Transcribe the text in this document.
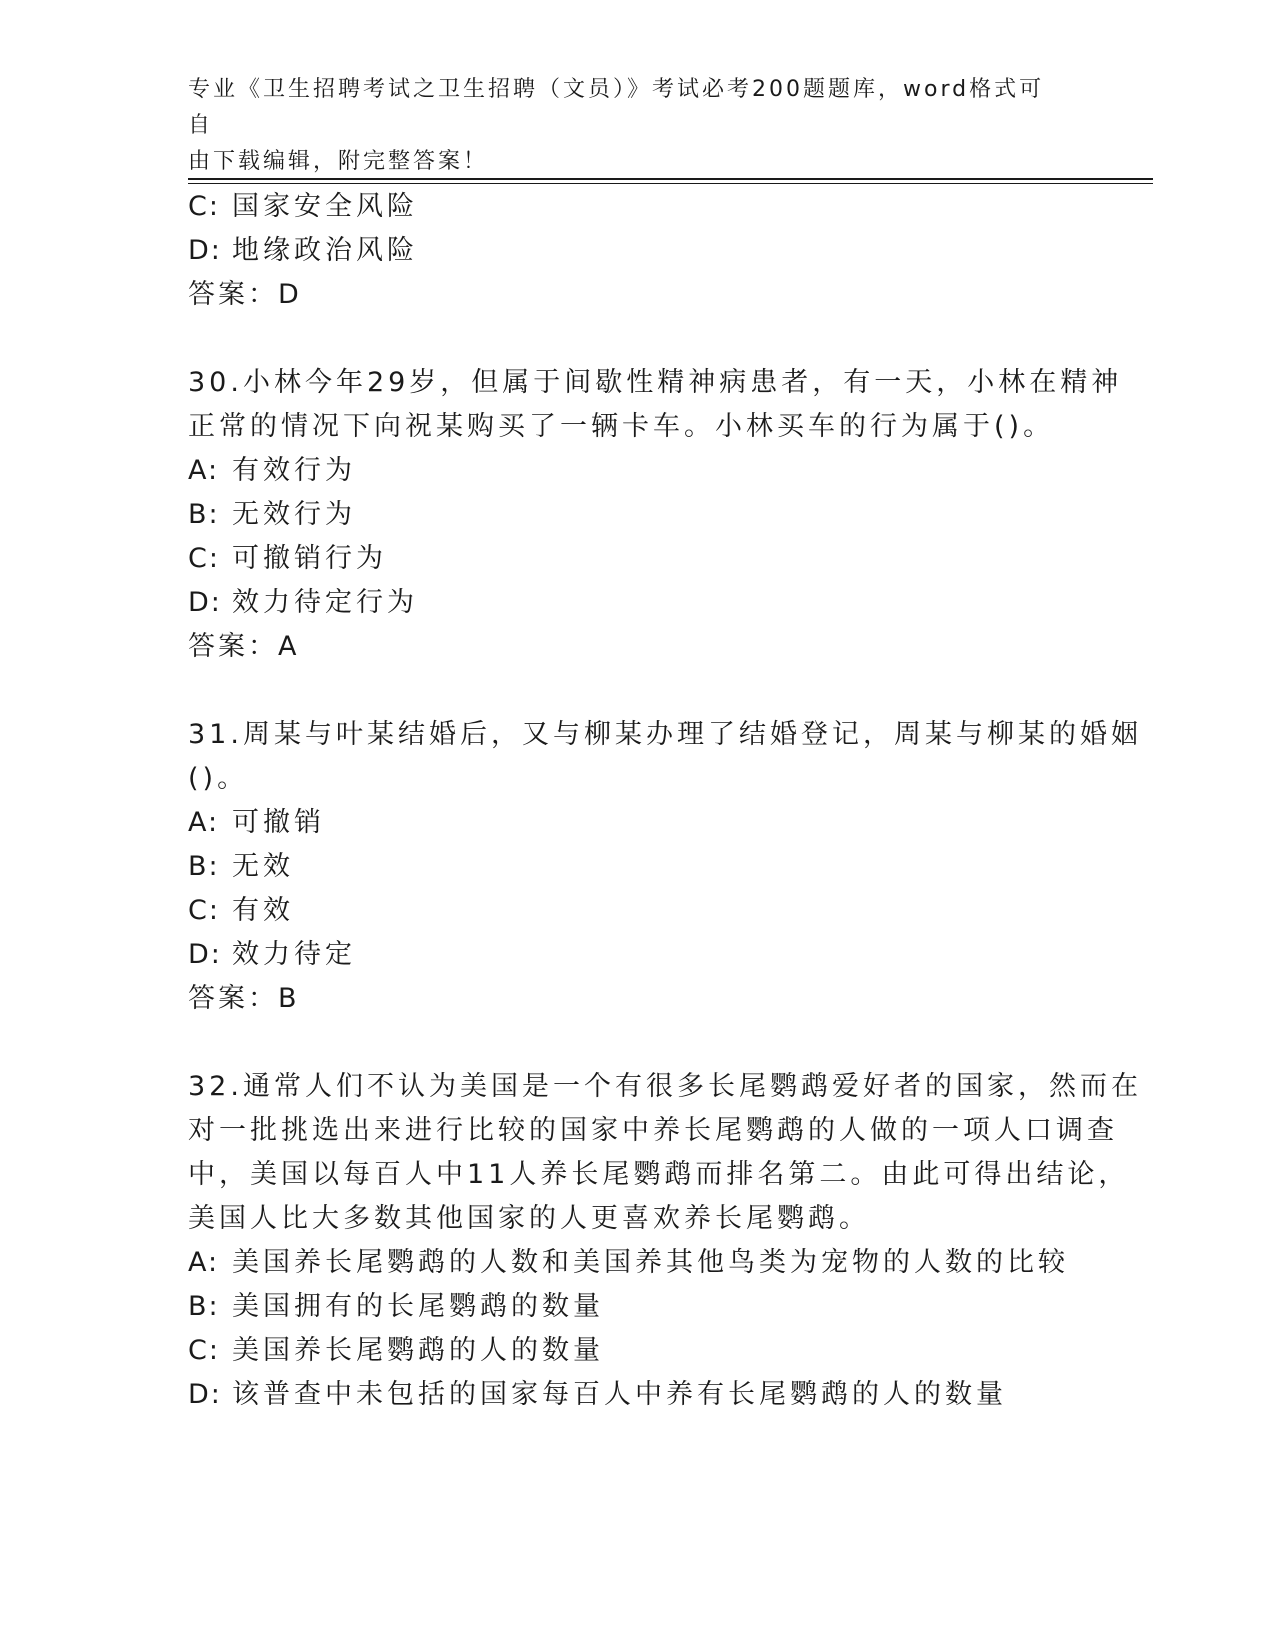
专业《卫生招聘考试之卫生招聘（文员）》考试必考200题题库，word格式可自
由下载编辑，附完整答案！
C: 国家安全风险
D: 地缘政治风险
答案：D
30.小林今年29岁，但属于间歇性精神病患者，有一天，小林在精神
正常的情况下向祝某购买了一辆卡车。小林买车的行为属于()。
A: 有效行为
B: 无效行为
C: 可撤销行为
D: 效力待定行为
答案：A
31.周某与叶某结婚后，又与柳某办理了结婚登记，周某与柳某的婚姻
()。
A: 可撤销
B: 无效
C: 有效
D: 效力待定
答案：B
32.通常人们不认为美国是一个有很多长尾鹦鹉爱好者的国家，然而在
对一批挑选出来进行比较的国家中养长尾鹦鹉的人做的一项人口调查
中，美国以每百人中11人养长尾鹦鹉而排名第二。由此可得出结论，
美国人比大多数其他国家的人更喜欢养长尾鹦鹉。
A: 美国养长尾鹦鹉的人数和美国养其他鸟类为宠物的人数的比较
B: 美国拥有的长尾鹦鹉的数量
C: 美国养长尾鹦鹉的人的数量
D: 该普查中未包括的国家每百人中养有长尾鹦鹉的人的数量
